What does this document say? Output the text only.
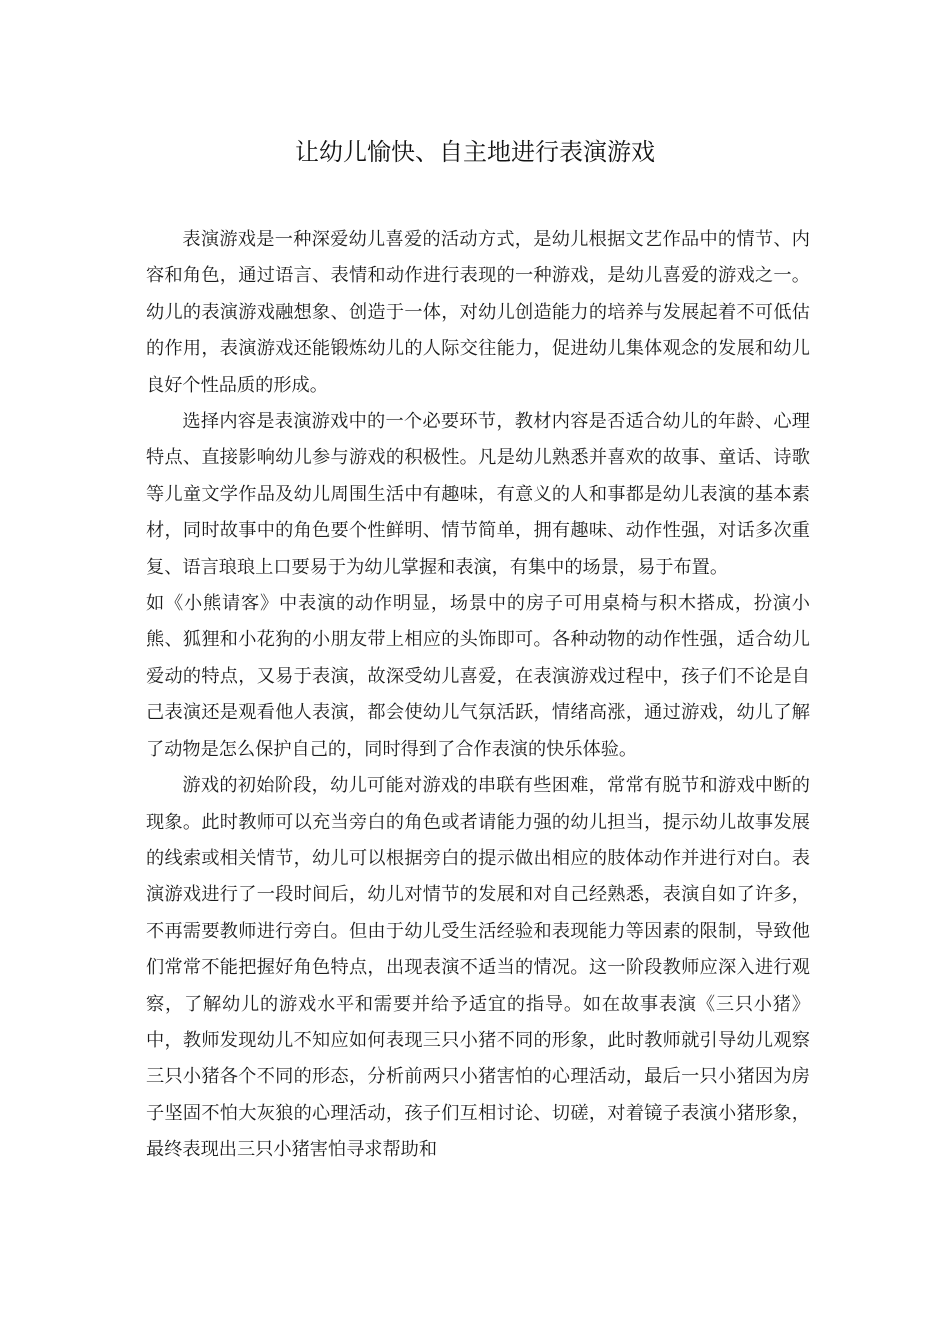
让幼儿愉快、自主地进行表演游戏

表演游戏是一种深爱幼儿喜爱的活动方式，是幼儿根据文艺作品中的情节、内容和角色，通过语言、表情和动作进行表现的一种游戏，是幼儿喜爱的游戏之一。幼儿的表演游戏融想象、创造于一体，对幼儿创造能力的培养与发展起着不可低估的作用，表演游戏还能锻炼幼儿的人际交往能力，促进幼儿集体观念的发展和幼儿良好个性品质的形成。

选择内容是表演游戏中的一个必要环节，教材内容是否适合幼儿的年龄、心理特点、直接影响幼儿参与游戏的积极性。凡是幼儿熟悉并喜欢的故事、童话、诗歌等儿童文学作品及幼儿周围生活中有趣味，有意义的人和事都是幼儿表演的基本素材，同时故事中的角色要个性鲜明、情节简单，拥有趣味、动作性强，对话多次重复、语言琅琅上口要易于为幼儿掌握和表演，有集中的场景，易于布置。

如《小熊请客》中表演的动作明显，场景中的房子可用桌椅与积木搭成，扮演小熊、狐狸和小花狗的小朋友带上相应的头饰即可。各种动物的动作性强，适合幼儿爱动的特点，又易于表演，故深受幼儿喜爱，在表演游戏过程中，孩子们不论是自己表演还是观看他人表演，都会使幼儿气氛活跃，情绪高涨，通过游戏，幼儿了解了动物是怎么保护自己的，同时得到了合作表演的快乐体验。

游戏的初始阶段，幼儿可能对游戏的串联有些困难，常常有脱节和游戏中断的现象。此时教师可以充当旁白的角色或者请能力强的幼儿担当，提示幼儿故事发展的线索或相关情节，幼儿可以根据旁白的提示做出相应的肢体动作并进行对白。表演游戏进行了一段时间后，幼儿对情节的发展和对自己经熟悉，表演自如了许多，不再需要教师进行旁白。但由于幼儿受生活经验和表现能力等因素的限制，导致他们常常不能把握好角色特点，出现表演不适当的情况。这一阶段教师应深入进行观察，了解幼儿的游戏水平和需要并给予适宜的指导。如在故事表演《三只小猪》中，教师发现幼儿不知应如何表现三只小猪不同的形象，此时教师就引导幼儿观察三只小猪各个不同的形态，分析前两只小猪害怕的心理活动，最后一只小猪因为房子坚固不怕大灰狼的心理活动，孩子们互相讨论、切磋，对着镜子表演小猪形象，最终表现出三只小猪害怕寻求帮助和
